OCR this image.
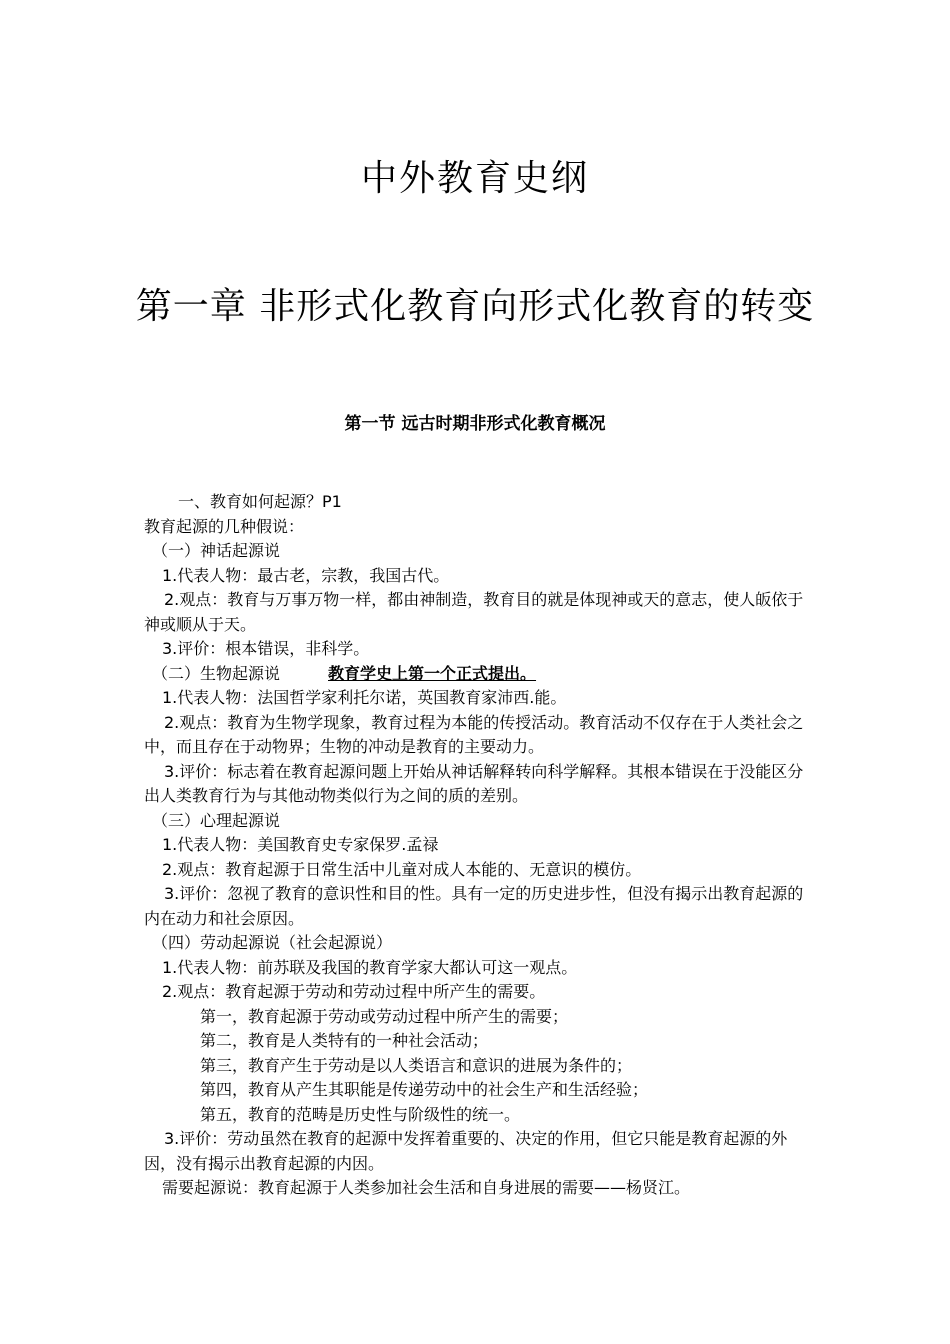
中外教育史纲
第一章 非形式化教育向形式化教育的转变
第一节 远古时期非形式化教育概况
一、教育如何起源？P1
教育起源的几种假说：
（一）神话起源说
1.代表人物：最古老，宗教，我国古代。
2.观点：教育与万事万物一样，都由神制造，教育目的就是体现神或天的意志，使人皈依于神或顺从于天。
3.评价：根本错误，非科学。
（二）生物起源说	教育学史上第一个正式提出。
1.代表人物：法国哲学家利托尔诺，英国教育家沛西.能。
2.观点：教育为生物学现象，教育过程为本能的传授活动。教育活动不仅存在于人类社会之中，而且存在于动物界；生物的冲动是教育的主要动力。
3.评价：标志着在教育起源问题上开始从神话解释转向科学解释。其根本错误在于没能区分出人类教育行为与其他动物类似行为之间的质的差别。
（三）心理起源说
1.代表人物：美国教育史专家保罗.孟禄
2.观点：教育起源于日常生活中儿童对成人本能的、无意识的模仿。
3.评价：忽视了教育的意识性和目的性。具有一定的历史进步性，但没有揭示出教育起源的内在动力和社会原因。
（四）劳动起源说（社会起源说）
1.代表人物：前苏联及我国的教育学家大都认可这一观点。
2.观点：教育起源于劳动和劳动过程中所产生的需要。
第一，教育起源于劳动或劳动过程中所产生的需要；
第二，教育是人类特有的一种社会活动；
第三，教育产生于劳动是以人类语言和意识的进展为条件的；
第四，教育从产生其职能是传递劳动中的社会生产和生活经验；
第五，教育的范畴是历史性与阶级性的统一。
3.评价：劳动虽然在教育的起源中发挥着重要的、决定的作用，但它只能是教育起源的外因，没有揭示出教育起源的内因。
需要起源说：教育起源于人类参加社会生活和自身进展的需要——杨贤江。
